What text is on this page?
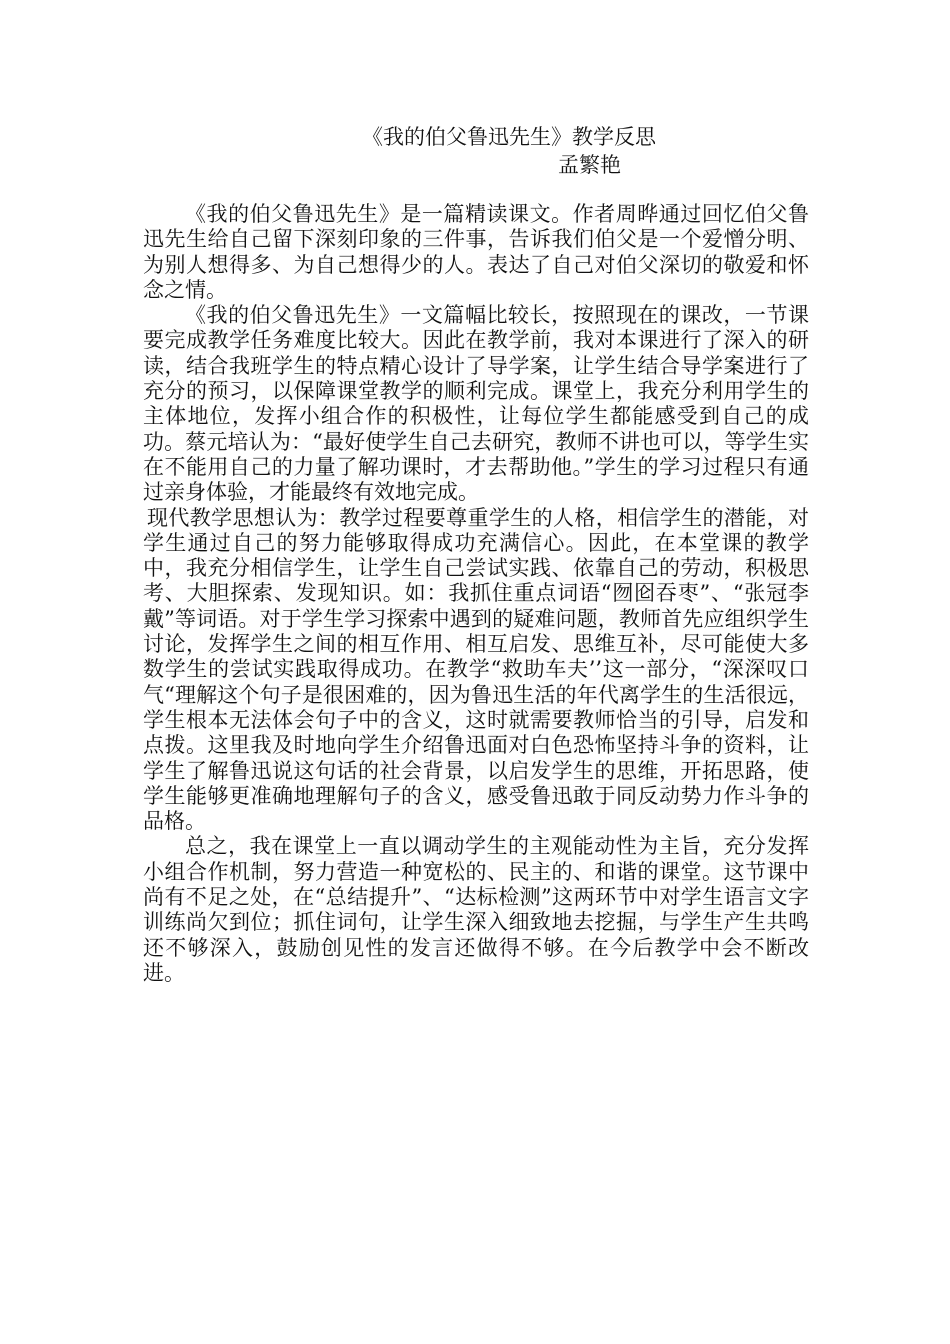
《我的伯父鲁迅先生》教学反思
孟繁艳

《我的伯父鲁迅先生》是一篇精读课文。作者周晔通过回忆伯父鲁迅先生给自己留下深刻印象的三件事，告诉我们伯父是一个爱憎分明、为别人想得多、为自己想得少的人。表达了自己对伯父深切的敬爱和怀念之情。

《我的伯父鲁迅先生》一文篇幅比较长，按照现在的课改，一节课要完成教学任务难度比较大。因此在教学前，我对本课进行了深入的研读，结合我班学生的特点精心设计了导学案，让学生结合导学案进行了充分的预习，以保障课堂教学的顺利完成。课堂上，我充分利用学生的主体地位，发挥小组合作的积极性，让每位学生都能感受到自己的成功。蔡元培认为：“最好使学生自己去研究，教师不讲也可以，等学生实在不能用自己的力量了解功课时，才去帮助他。”学生的学习过程只有通过亲身体验，才能最终有效地完成。

现代教学思想认为：教学过程要尊重学生的人格，相信学生的潜能，对学生通过自己的努力能够取得成功充满信心。因此，在本堂课的教学中，我充分相信学生，让学生自己尝试实践、依靠自己的劳动，积极思考、大胆探索、发现知识。如：我抓住重点词语“囫囵吞枣”、“张冠李戴”等词语。对于学生学习探索中遇到的疑难问题，教师首先应组织学生讨论，发挥学生之间的相互作用、相互启发、思维互补，尽可能使大多数学生的尝试实践取得成功。在教学“救助车夫’’这一部分，“深深叹口气“理解这个句子是很困难的，因为鲁迅生活的年代离学生的生活很远，学生根本无法体会句子中的含义，这时就需要教师恰当的引导，启发和点拨。这里我及时地向学生介绍鲁迅面对白色恐怖坚持斗争的资料，让学生了解鲁迅说这句话的社会背景，以启发学生的思维，开拓思路，使学生能够更准确地理解句子的含义，感受鲁迅敢于同反动势力作斗争的品格。

总之，我在课堂上一直以调动学生的主观能动性为主旨，充分发挥小组合作机制，努力营造一种宽松的、民主的、和谐的课堂。这节课中尚有不足之处，在“总结提升”、“达标检测”这两环节中对学生语言文字训练尚欠到位；抓住词句，让学生深入细致地去挖掘，与学生产生共鸣还不够深入，鼓励创见性的发言还做得不够。在今后教学中会不断改进。
